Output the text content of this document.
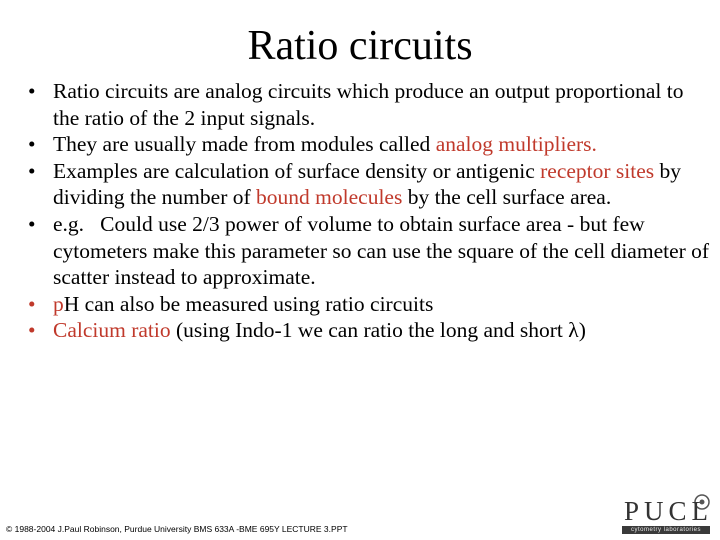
Ratio circuits
• Ratio circuits are analog circuits which produce an output proportional to the ratio of the 2 input signals.
• They are usually made from modules called analog multipliers.
• Examples are calculation of surface density or antigenic receptor sites by dividing the number of bound molecules by the cell surface area.
• e.g.   Could use 2/3 power of volume to obtain surface area - but few cytometers make this parameter so can use the square of the cell diameter of scatter instead to approximate.
• pH can also be measured using ratio circuits
• Calcium ratio (using Indo-1 we can ratio the long and short λ)
© 1988-2004 J.Paul Robinson, Purdue University BMS 633A -BME 695Y LECTURE 3.PPT
PUCL
cytometry laboratories
